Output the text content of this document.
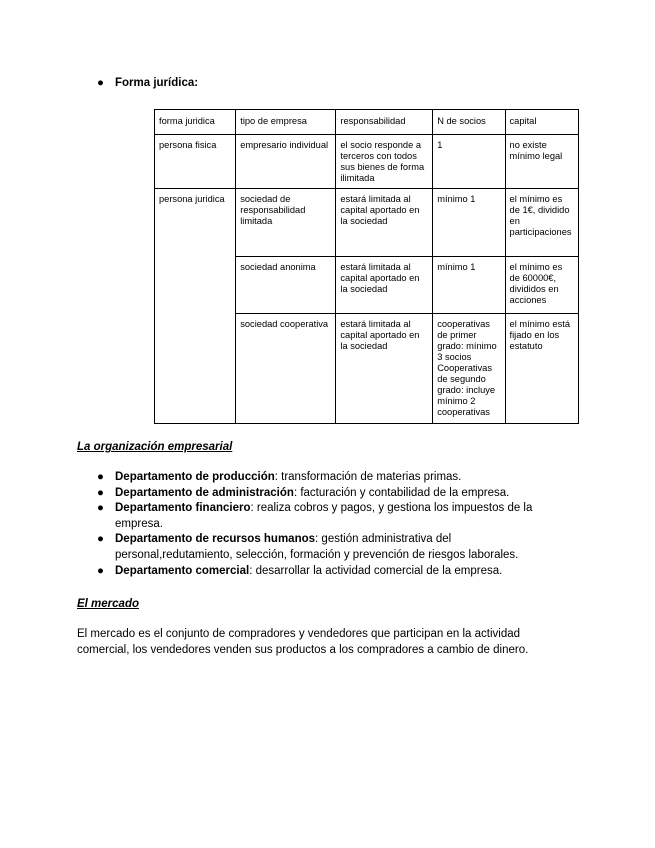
● Forma jurídica:
forma juridica	tipo de empresa	responsabilidad	N de socios	capital
persona fisica	empresario individual	el socio responde a terceros con todos sus bienes de forma ilimitada	1	no existe mínimo legal
persona juridica	sociedad de responsabilidad limitada	estará limitada al capital aportado en la sociedad	mínimo 1	el mínimo es de 1€, dividido en participaciones
	sociedad anonima	estará limitada al capital aportado en la sociedad	mínimo 1	el mínimo es de 60000€, divididos en acciones
	sociedad cooperativa	estará limitada al capital aportado en la sociedad	cooperativas de primer grado: mínimo 3 socios Cooperativas de segundo grado: incluye mínimo 2 cooperativas	el mínimo está fijado en los estatuto
La organización empresarial
● Departamento de producción: transformación de materias primas.
● Departamento de administración: facturación y contabilidad de la empresa.
● Departamento financiero: realiza cobros y pagos, y gestiona los impuestos de la empresa.
● Departamento de recursos humanos: gestión administrativa del personal,redutamiento, selección, formación y prevención de riesgos laborales.
● Departamento comercial: desarrollar la actividad comercial de la empresa.
El mercado
El mercado es el conjunto de compradores y vendedores que participan en la actividad comercial, los vendedores venden sus productos a los compradores a cambio de dinero.
